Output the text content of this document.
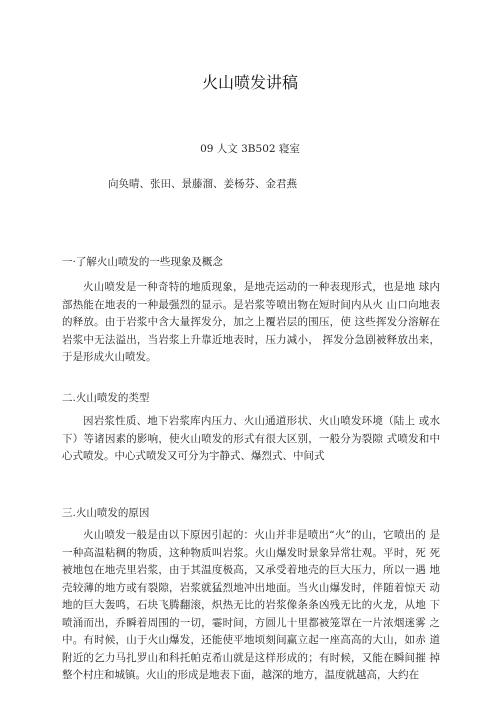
火山喷发讲稿
09 人文 3B502 寝室
向奂晴、张田、景藤溜、姜杨芬、金君燕
一·了解火山喷发的一些现象及概念

火山喷发是一种奇特的地质现象，是地壳运动的一种表现形式，也是地 球内部热能在地表的一种最强烈的显示。是岩浆等喷出物在短时间内从火 山口向地表的释放。由于岩浆中含大量挥发分，加之上覆岩层的围压，使 这些挥发分溶解在岩浆中无法溢出，当岩浆上升靠近地表时，压力减小， 挥发分急剧被释放出来，于是形成火山喷发。

二.火山喷发的类型

因岩浆性质、地下岩浆库内压力、火山通道形状、火山喷发环境（陆上 或水下）等诸因素的影响，使火山喷发的形式有很大区别，一般分为裂隙 式喷发和中心式喷发。中心式喷发又可分为宇静式、爆烈式、中间式

三.火山喷发的原因

火山喷发一般是由以下原因引起的：火山并非是喷出“火”的山，它喷出的 是一种高温粘稠的物质，这种物质叫岩浆。火山爆发时景象异常壮观。平时，死 死被地包在地壳里岩浆，由于其温度极高，又承受着地壳的巨大压力，所以一遇 地壳较薄的地方或有裂隙，岩浆就猛烈地冲出地面。当火山爆发时，伴随着惊天 动地的巨大轰鸣，石块飞腾翻滚，炽热无比的岩浆像条条凶残无比的火龙，从地 下喷涌而出，乔瞬着周围的一切，霎时间，方圆儿十里都被笼罩在一片浓烟迷雾 之中。有时候，山于火山爆发，还能使平地顷刻间赢立起一座高高的大山，如赤 道附近的乞力马扎罗山和科托帕克希山就是这样形成的；有时候，又能在瞬间摧 掉整个村庄和城镇。火山的形成是地表下面，越深的地方，温度就越高，大约在
